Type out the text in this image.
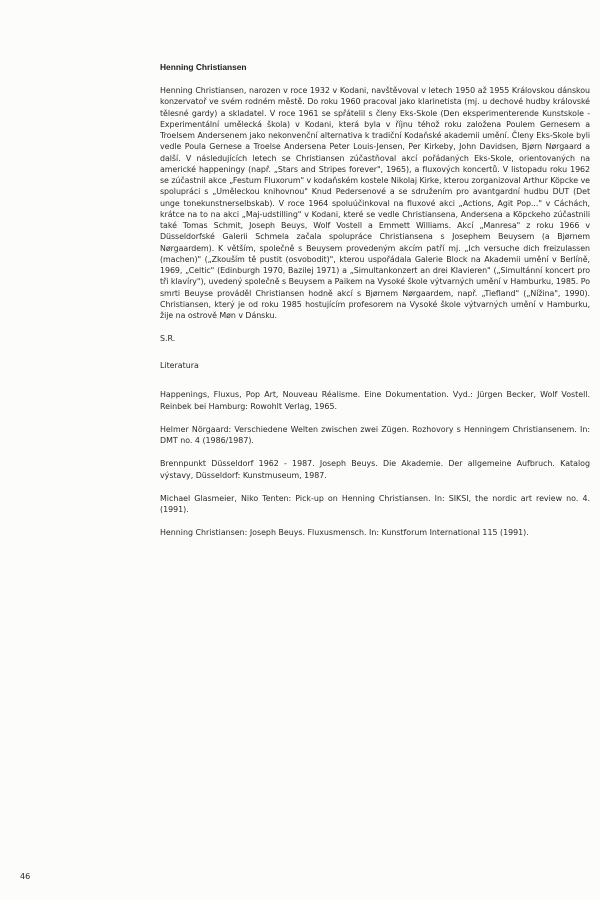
Henning Christiansen

Henning Christiansen, narozen v roce 1932 v Kodani, navštěvoval v letech 1950 až 1955 Královskou dánskou konzervatoř ve svém rodném městě. Do roku 1960 pracoval jako klarinetista (mj. u dechové hudby královské tělesné gardy) a skladatel. V roce 1961 se spřátelil s členy Eks-Skole (Den eksperimenterende Kunstskole - Experimentální umělecká škola) v Kodani, která byla v říjnu téhož roku založena Poulem Gernesem a Troelsem Andersenem jako nekonvenční alternativa k tradiční Kodaňské akademii umění. Členy Eks-Skole byli vedle Poula Gernese a Troelse Andersena Peter Louis-Jensen, Per Kirkeby, John Davidsen, Bjørn Nørgaard a další. V následujících letech se Christiansen zúčastňoval akcí pořádaných Eks-Skole, orientovaných na americké happeningy (např. „Stars and Stripes forever", 1965), a fluxových koncertů. V listopadu roku 1962 se zúčastnil akce „Festum Fluxorum" v kodaňském kostele Nikolaj Kirke, kterou zorganizoval Arthur Köpcke ve spolupráci s „Uměleckou knihovnou" Knud Pedersenové a se sdružením pro avantgardní hudbu DUT (Det unge tonekunstnerselbskab). V roce 1964 spoluúčinkoval na fluxové akci „Actions, Agit Pop..." v Cáchách, krátce na to na akci „Maj-udstilling" v Kodani, které se vedle Christiansena, Andersena a Köpckeho zúčastnili také Tomas Schmit, Joseph Beuys, Wolf Vostell a Emmett Williams. Akcí „Manresa" z roku 1966 v Düsseldorfské Galerii Schmela začala spolupráce Christiansena s Josephem Beuysem (a Bjørnem Nørgaardem). K větším, společně s Beuysem provedeným akcím patří mj. „Ich versuche dich freizulassen (machen)" („Zkouším tě pustit (osvobodit)", kterou uspořádala Galerie Block na Akademii umění v Berlíně, 1969, „Celtic" (Edinburgh 1970, Bazilej 1971) a „Simultankonzert an drei Klavieren" („Simultánní koncert pro tři klavíry"), uvedený společně s Beuysem a Paikem na Vysoké škole výtvarných umění v Hamburku, 1985. Po smrti Beuyse prováděl Christiansen hodně akcí s Bjørnem Nørgaardem, např. „Tiefland" („Nížina", 1990). Christiansen, který je od roku 1985 hostujícím profesorem na Vysoké škole výtvarných umění v Hamburku, žije na ostrově Møn v Dánsku.

S.R.

Literatura

Happenings, Fluxus, Pop Art, Nouveau Réalisme. Eine Dokumentation. Vyd.: Jürgen Becker, Wolf Vostell. Reinbek bei Hamburg: Rowohlt Verlag, 1965.
Helmer Nörgaard: Verschiedene Welten zwischen zwei Zügen. Rozhovory s Henningem Christiansenem. In: DMT no. 4 (1986/1987).
Brennpunkt Düsseldorf 1962 - 1987. Joseph Beuys. Die Akademie. Der allgemeine Aufbruch. Katalog výstavy, Düsseldorf: Kunstmuseum, 1987.
Michael Glasmeier, Niko Tenten: Pick-up on Henning Christiansen. In: SIKSI, the nordic art review no. 4. (1991).
Henning Christiansen: Joseph Beuys. Fluxusmensch. In: Kunstforum International 115 (1991).
46
